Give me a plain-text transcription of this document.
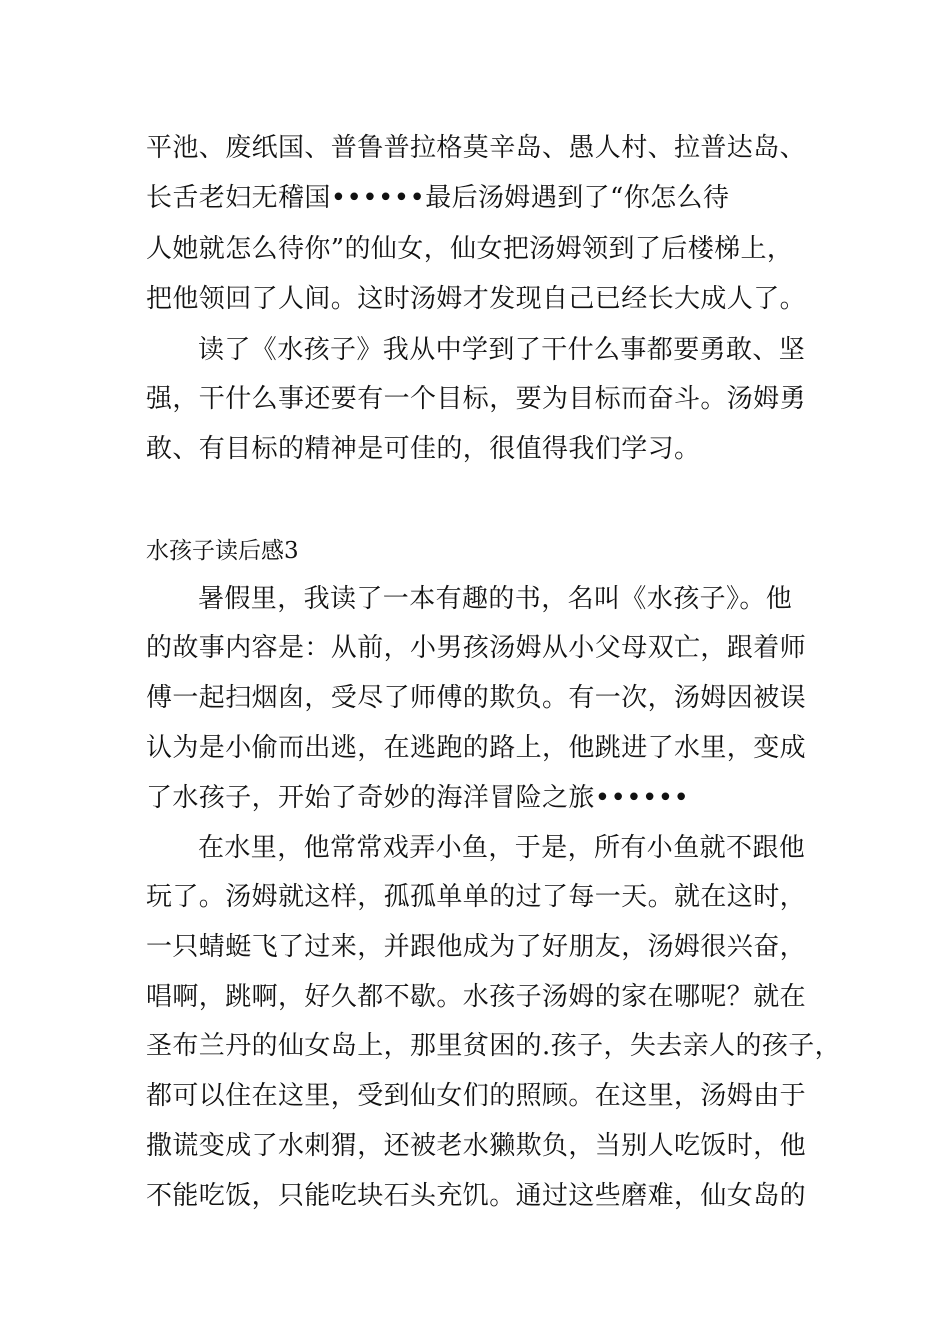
平池、废纸国、普鲁普拉格莫辛岛、愚人村、拉普达岛、
长舌老妇无稽国••••••最后汤姆遇到了“你怎么待
人她就怎么待你”的仙女，仙女把汤姆领到了后楼梯上，
把他领回了人间。这时汤姆才发现自己已经长大成人了。
读了《水孩子》我从中学到了干什么事都要勇敢、坚
强，干什么事还要有一个目标，要为目标而奋斗。汤姆勇
敢、有目标的精神是可佳的，很值得我们学习。
水孩子读后感3
暑假里，我读了一本有趣的书，名叫《水孩子》。他
的故事内容是：从前，小男孩汤姆从小父母双亡，跟着师
傅一起扫烟囱，受尽了师傅的欺负。有一次，汤姆因被误
认为是小偷而出逃，在逃跑的路上，他跳进了水里，变成
了水孩子，开始了奇妙的海洋冒险之旅••••••
在水里，他常常戏弄小鱼，于是，所有小鱼就不跟他
玩了。汤姆就这样，孤孤单单的过了每一天。就在这时，
一只蜻蜓飞了过来，并跟他成为了好朋友，汤姆很兴奋，
唱啊，跳啊，好久都不歇。水孩子汤姆的家在哪呢？就在
圣布兰丹的仙女岛上，那里贫困的.孩子，失去亲人的孩子，
都可以住在这里，受到仙女们的照顾。在这里，汤姆由于
撒谎变成了水刺猬，还被老水獭欺负，当别人吃饭时，他
不能吃饭，只能吃块石头充饥。通过这些磨难，仙女岛的
